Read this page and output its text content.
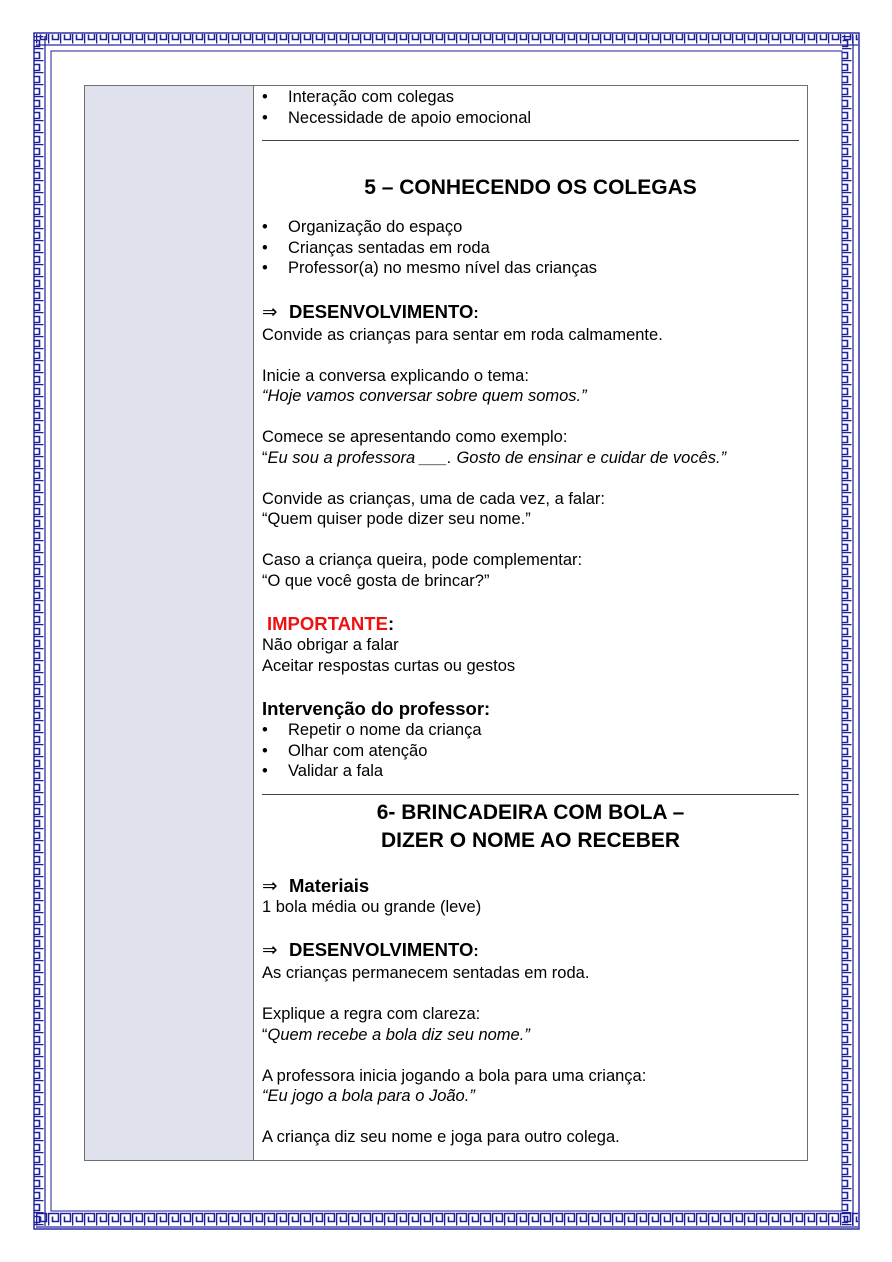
• Interação com colegas
• Necessidade de apoio emocional
5 – CONHECENDO OS COLEGAS
• Organização do espaço
• Crianças sentadas em roda
• Professor(a) no mesmo nível das crianças
⇒ DESENVOLVIMENTO:

Convide as crianças para sentar em roda calmamente.

Inicie a conversa explicando o tema:

“Hoje vamos conversar sobre quem somos.”

Comece se apresentando como exemplo:

“Eu sou a professora ___. Gosto de ensinar e cuidar de vocês.”

Convide as crianças, uma de cada vez, a falar:

“Quem quiser pode dizer seu nome.”

Caso a criança queira, pode complementar:

“O que você gosta de brincar?”

IMPORTANTE:

Não obrigar a falar

Aceitar respostas curtas ou gestos

Intervenção do professor:
• Repetir o nome da criança
• Olhar com atenção
• Validar a fala
6- BRINCADEIRA COM BOLA –
DIZER O NOME AO RECEBER
⇒ Materiais

1 bola média ou grande (leve)

⇒ DESENVOLVIMENTO:

As crianças permanecem sentadas em roda.

Explique a regra com clareza:

“Quem recebe a bola diz seu nome.”

A professora inicia jogando a bola para uma criança:

“Eu jogo a bola para o João.”

A criança diz seu nome e joga para outro colega.
